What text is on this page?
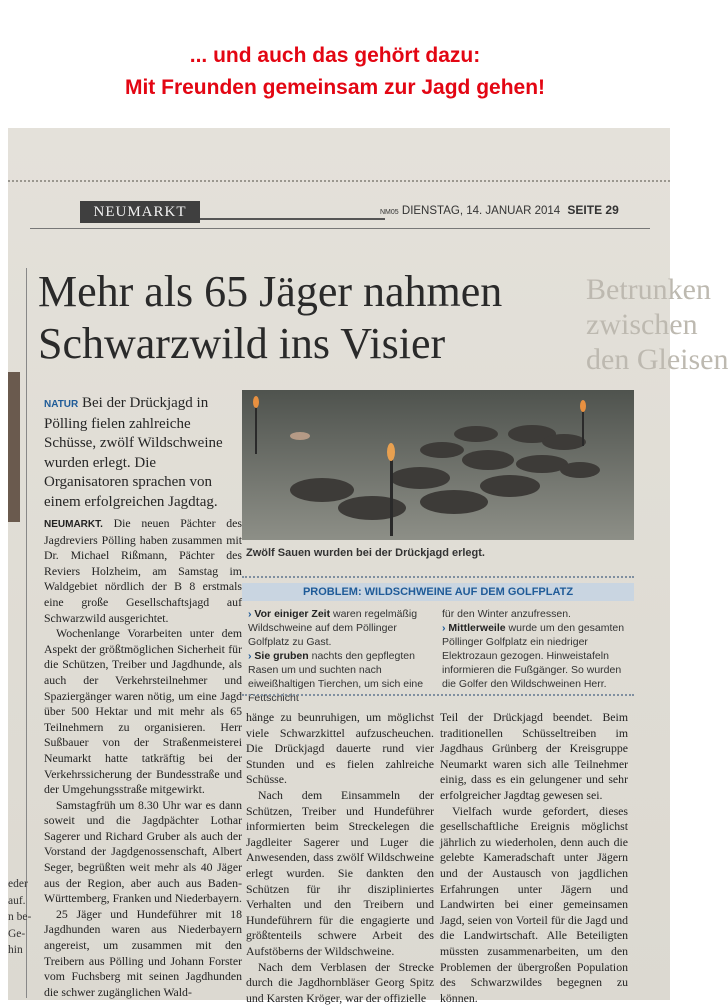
... und auch das gehört dazu:
Mit Freunden gemeinsam zur Jagd gehen!
NEUMARKT	NM05 DIENSTAG, 14. JANUAR 2014 SEITE 29
Betrunken
zwischen
den Gleisen
eder
auf.
n be-
Ge-
hin
Mehr als 65 Jäger nahmen
Schwarzwild ins Visier
NATUR Bei der Drückjagd in Pölling fielen zahlreiche Schüsse, zwölf Wildschweine wurden erlegt. Die Organisatoren sprachen von einem erfolgreichen Jagdtag.
Zwölf Sauen wurden bei der Drückjagd erlegt.
PROBLEM: WILDSCHWEINE AUF DEM GOLFPLATZ
› Vor einiger Zeit waren regelmäßig Wildschweine auf dem Pöllinger Golfplatz zu Gast.
› Sie gruben nachts den gepflegten Rasen um und suchten nach eiweißhaltigen Tierchen, um sich eine Fettschicht
für den Winter anzufressen.
› Mittlerweile wurde um den gesamten Pöllinger Golfplatz ein niedriger Elektrozaun gezogen. Hinweistafeln informieren die Fußgänger. So wurden die Golfer den Wildschweinen Herr.

NEUMARKT. Die neuen Pächter des Jagdreviers Pölling haben zusammen mit Dr. Michael Rißmann, Pächter des Reviers Holzheim, am Samstag im Waldgebiet nördlich der B 8 erstmals eine große Gesellschaftsjagd auf Schwarzwild ausgerichtet.

Wochenlange Vorarbeiten unter dem Aspekt der größtmöglichen Sicherheit für die Schützen, Treiber und Jagdhunde, als auch der Verkehrsteilnehmer und Spaziergänger waren nötig, um eine Jagd über 500 Hektar und mit mehr als 65 Teilnehmern zu organisieren. Herr Sußbauer von der Straßenmeisterei Neumarkt hatte tatkräftig bei der Verkehrssicherung der Bundesstraße und der Umgehungsstraße mitgewirkt.

Samstagfrüh um 8.30 Uhr war es dann soweit und die Jagdpächter Lothar Sagerer und Richard Gruber als auch der Vorstand der Jagdgenossenschaft, Albert Seger, begrüßten weit mehr als 40 Jäger aus der Region, aber auch aus Baden-Württemberg, Franken und Niederbayern.

25 Jäger und Hundeführer mit 18 Jagdhunden waren aus Niederbayern angereist, um zusammen mit den Treibern aus Pölling und Johann Forster vom Fuchsberg mit seinen Jagdhunden die schwer zugänglichen Wald-

hänge zu beunruhigen, um möglichst viele Schwarzkittel aufzuscheuchen. Die Drückjagd dauerte rund vier Stunden und es fielen zahlreiche Schüsse.

Nach dem Einsammeln der Schützen, Treiber und Hundeführer informierten beim Streckelegen die Jagdleiter Sagerer und Luger die Anwesenden, dass zwölf Wildschweine erlegt wurden. Sie dankten den Schützen für ihr diszipliniertes Verhalten und den Treibern und Hundeführern für die engagierte und größtenteils schwere Arbeit des Aufstöberns der Wildschweine.

Nach dem Verblasen der Strecke durch die Jagdhornbläser Georg Spitz und Karsten Kröger, war der offizielle

Teil der Drückjagd beendet. Beim traditionellen Schüsseltreiben im Jagdhaus Grünberg der Kreisgruppe Neumarkt waren sich alle Teilnehmer einig, dass es ein gelungener und sehr erfolgreicher Jagdtag gewesen sei.

Vielfach wurde gefordert, dieses gesellschaftliche Ereignis möglichst jährlich zu wiederholen, denn auch die gelebte Kameradschaft unter Jägern und der Austausch von jagdlichen Erfahrungen unter Jägern und Landwirten bei einer gemeinsamen Jagd, seien von Vorteil für die Jagd und die Landwirtschaft. Alle Beteiligten müssten zusammenarbeiten, um den Problemen der übergroßen Population des Schwarzwildes begegnen zu können.
